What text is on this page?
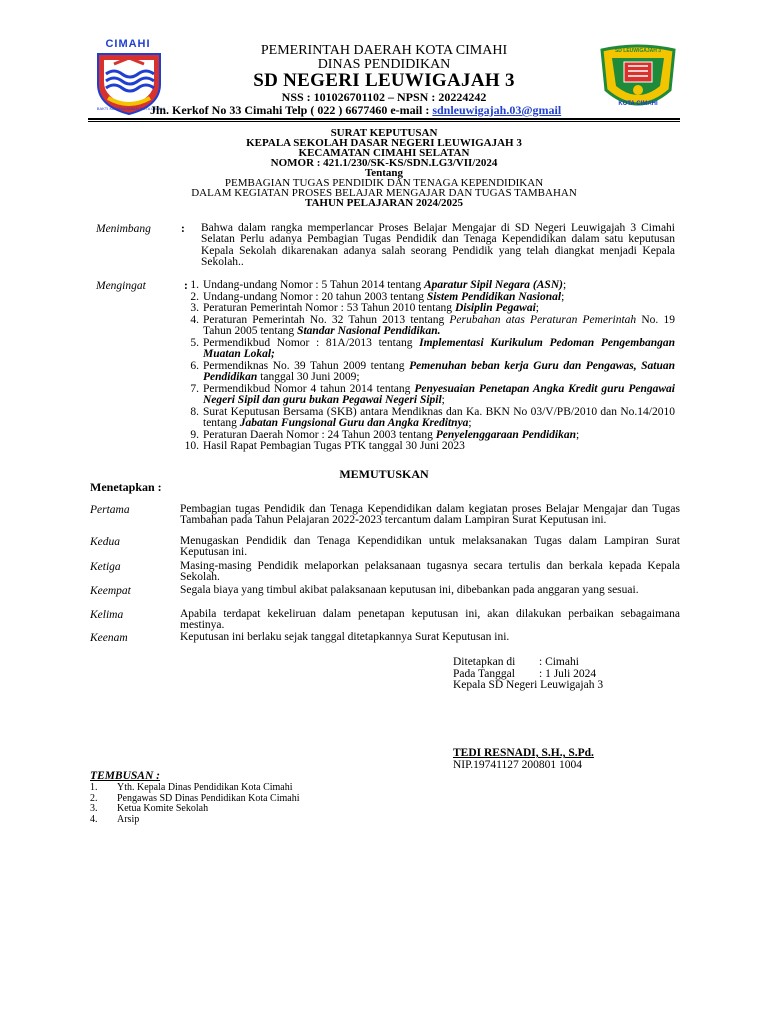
CIMAHI
BAKTI KEMANUSIAAN KOTA CIMAHI
SD LEUWIGAJAH 3
KOTA CIMAHI
PEMERINTAH DAERAH KOTA CIMAHI
DINAS PENDIDIKAN
SD NEGERI LEUWIGAJAH 3
NSS : 101026701102 – NPSN : 20224242
Jln. Kerkof No 33 Cimahi Telp ( 022 ) 6677460 e-mail : sdnleuwigajah.03@gmail
SURAT KEPUTUSAN
KEPALA SEKOLAH DASAR NEGERI LEUWIGAJAH 3
KECAMATAN CIMAHI SELATAN
NOMOR : 421.1/230/SK-KS/SDN.LG3/VII/2024
Tentang
PEMBAGIAN TUGAS PENDIDIK DAN TENAGA KEPENDIDIKAN
DALAM KEGIATAN PROSES BELAJAR MENGAJAR DAN TUGAS TAMBAHAN
TAHUN PELAJARAN 2024/2025
Menimbang	: Bahwa dalam rangka memperlancar Proses Belajar Mengajar di SD Negeri Leuwigajah 3 Cimahi Selatan Perlu adanya Pembagian Tugas Pendidik dan Tenaga Kependidikan dalam satu keputusan Kepala Sekolah dikarenakan adanya salah seorang Pendidik yang telah diangkat menjadi Kepala Sekolah..
Mengingat	: 1. Undang-undang Nomor : 5 Tahun 2014 tentang Aparatur Sipil Negara (ASN);
2. Undang-undang Nomor : 20 tahun 2003 tentang Sistem Pendidikan Nasional;
3. Peraturan Pemerintah Nomor : 53 Tahun 2010 tentang Disiplin Pegawai;
4. Peraturan Pemerintah No. 32 Tahun 2013 tentang Perubahan atas Peraturan Pemerintah No. 19 Tahun 2005 tentang Standar Nasional Pendidikan.
5. Permendikbud Nomor : 81A/2013 tentang Implementasi Kurikulum Pedoman Pengembangan Muatan Lokal;
6. Permendiknas No. 39 Tahun 2009 tentang Pemenuhan beban kerja Guru dan Pengawas, Satuan Pendidikan tanggal 30 Juni 2009;
7. Permendikbud Nomor 4 tahun 2014 tentang Penyesuaian Penetapan Angka Kredit guru Pengawai Negeri Sipil dan guru bukan Pegawai Negeri Sipil;
8. Surat Keputusan Bersama (SKB) antara Mendiknas dan Ka. BKN No 03/V/PB/2010 dan No.14/2010 tentang Jabatan Fungsional Guru dan Angka Kreditnya;
9. Peraturan Daerah Nomor : 24 Tahun 2003 tentang Penyelenggaraan Pendidikan;
10. Hasil Rapat Pembagian Tugas PTK tanggal 30 Juni 2023
MEMUTUSKAN
Menetapkan :
Pertama	Pembagian tugas Pendidik dan Tenaga Kependidikan dalam kegiatan proses Belajar Mengajar dan Tugas Tambahan pada Tahun Pelajaran 2022-2023 tercantum dalam Lampiran Surat Keputusan ini.
Kedua	Menugaskan Pendidik dan Tenaga Kependidikan untuk melaksanakan Tugas dalam Lampiran Surat Keputusan ini.
Ketiga	Masing-masing Pendidik melaporkan pelaksanaan tugasnya secara tertulis dan berkala kepada Kepala Sekolah.
Keempat	Segala biaya yang timbul akibat palaksanaan keputusan ini, dibebankan pada anggaran yang sesuai.
Kelima	Apabila terdapat kekeliruan dalam penetapan keputusan ini, akan dilakukan perbaikan sebagaimana mestinya.
Keenam	Keputusan ini berlaku sejak tanggal ditetapkannya Surat Keputusan ini.
Ditetapkan di : Cimahi
Pada Tanggal : 1 Juli 2024
Kepala SD Negeri Leuwigajah 3
TEDI RESNADI, S.H., S.Pd.
NIP.19741127 200801 1004
TEMBUSAN :
1. Yth. Kepala Dinas Pendidikan Kota Cimahi
2. Pengawas SD Dinas Pendidikan Kota Cimahi
3. Ketua Komite Sekolah
4. Arsip
